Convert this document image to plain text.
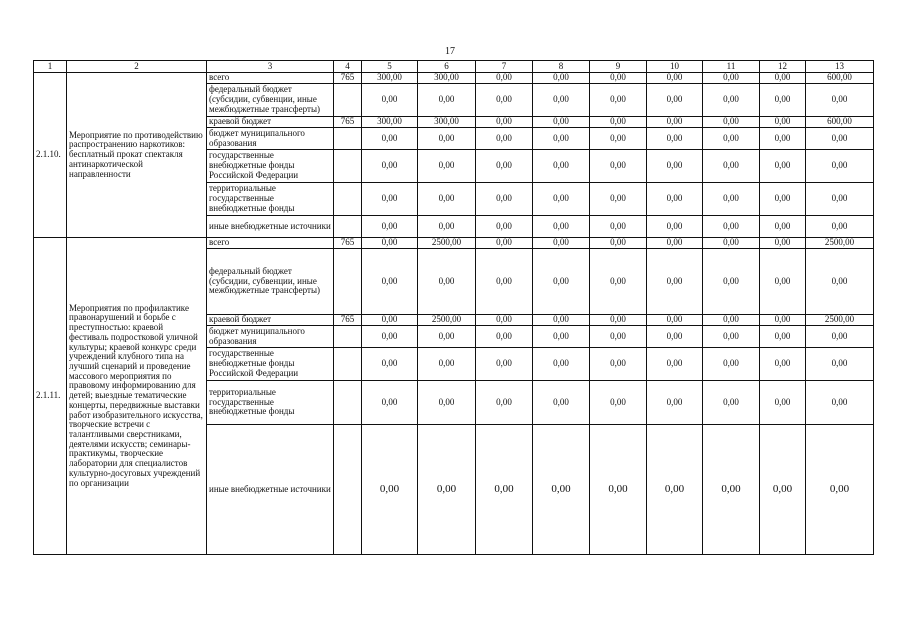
17
1	2	3	4	5	6	7	8	9	10	11	12	13
2.1.10.	Мероприятие по противодействию распространению наркотиков: бесплатный прокат спектакля антинаркотической направленности	всего	765	300,00	300,00	0,00	0,00	0,00	0,00	0,00	0,00	600,00
		федеральный бюджет (субсидии, субвенции, иные межбюджетные трансферты)		0,00	0,00	0,00	0,00	0,00	0,00	0,00	0,00	0,00
		краевой бюджет	765	300,00	300,00	0,00	0,00	0,00	0,00	0,00	0,00	600,00
		бюджет муниципального образования		0,00	0,00	0,00	0,00	0,00	0,00	0,00	0,00	0,00
		государственные внебюджетные фонды Российской Федерации		0,00	0,00	0,00	0,00	0,00	0,00	0,00	0,00	0,00
		территориальные государственные внебюджетные фонды		0,00	0,00	0,00	0,00	0,00	0,00	0,00	0,00	0,00
		иные внебюджетные источники		0,00	0,00	0,00	0,00	0,00	0,00	0,00	0,00	0,00
2.1.11.	Мероприятия по профилактике правонарушений и борьбе с преступностью: краевой фестиваль подростковой уличной культуры; краевой конкурс среди учреждений клубного типа на лучший сценарий и проведение массового мероприятия по правовому информированию для детей; выездные тематические концерты, передвижные выставки работ изобразительного искусства, творческие встречи с талантливыми сверстниками, деятелями искусств; семинары-практикумы, творческие лаборатории для специалистов культурно-досуговых учреждений по организации	всего	765	0,00	2500,00	0,00	0,00	0,00	0,00	0,00	0,00	2500,00
		федеральный бюджет (субсидии, субвенции, иные межбюджетные трансферты)		0,00	0,00	0,00	0,00	0,00	0,00	0,00	0,00	0,00
		краевой бюджет	765	0,00	2500,00	0,00	0,00	0,00	0,00	0,00	0,00	2500,00
		бюджет муниципального образования		0,00	0,00	0,00	0,00	0,00	0,00	0,00	0,00	0,00
		государственные внебюджетные фонды Российской Федерации		0,00	0,00	0,00	0,00	0,00	0,00	0,00	0,00	0,00
		территориальные государственные внебюджетные фонды		0,00	0,00	0,00	0,00	0,00	0,00	0,00	0,00	0,00
		иные внебюджетные источники		0,00	0,00	0,00	0,00	0,00	0,00	0,00	0,00	0,00
